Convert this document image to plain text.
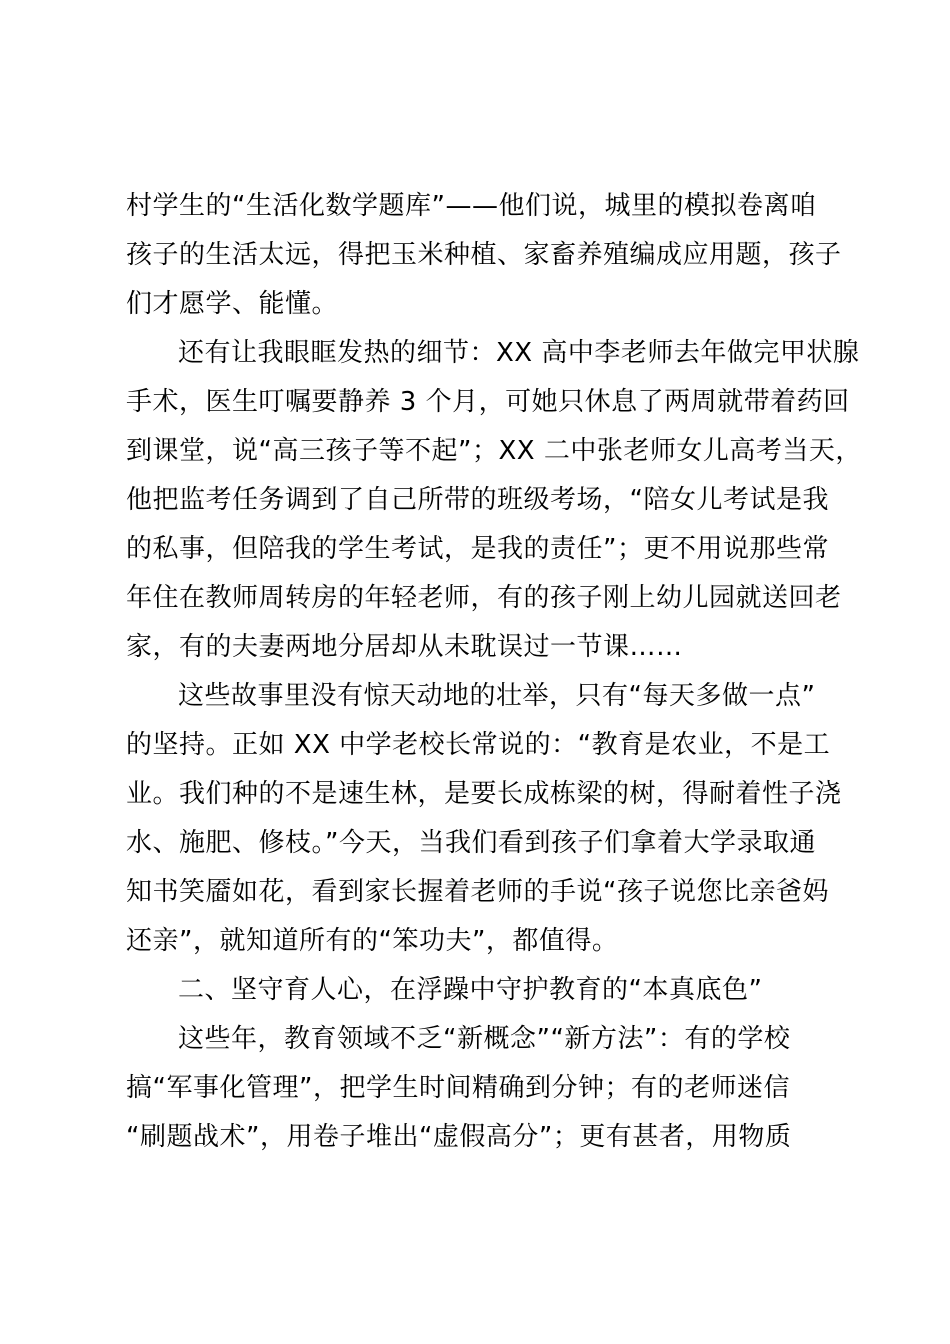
村学生的“生活化数学题库”——他们说，城里的模拟卷离咱
孩子的生活太远，得把玉米种植、家畜养殖编成应用题，孩子
们才愿学、能懂。
还有让我眼眶发热的细节：XX 高中李老师去年做完甲状腺
手术，医生叮嘱要静养 3 个月，可她只休息了两周就带着药回
到课堂，说“高三孩子等不起”；XX 二中张老师女儿高考当天，
他把监考任务调到了自己所带的班级考场，“陪女儿考试是我
的私事，但陪我的学生考试，是我的责任”；更不用说那些常
年住在教师周转房的年轻老师，有的孩子刚上幼儿园就送回老
家，有的夫妻两地分居却从未耽误过一节课……
这些故事里没有惊天动地的壮举，只有“每天多做一点”
的坚持。正如 XX 中学老校长常说的：“教育是农业，不是工
业。我们种的不是速生林，是要长成栋梁的树，得耐着性子浇
水、施肥、修枝。”今天，当我们看到孩子们拿着大学录取通
知书笑靥如花，看到家长握着老师的手说“孩子说您比亲爸妈
还亲”，就知道所有的“笨功夫”，都值得。
二、坚守育人心，在浮躁中守护教育的“本真底色”
这些年，教育领域不乏“新概念”“新方法”：有的学校
搞“军事化管理”，把学生时间精确到分钟；有的老师迷信
“刷题战术”，用卷子堆出“虚假高分”；更有甚者，用物质
